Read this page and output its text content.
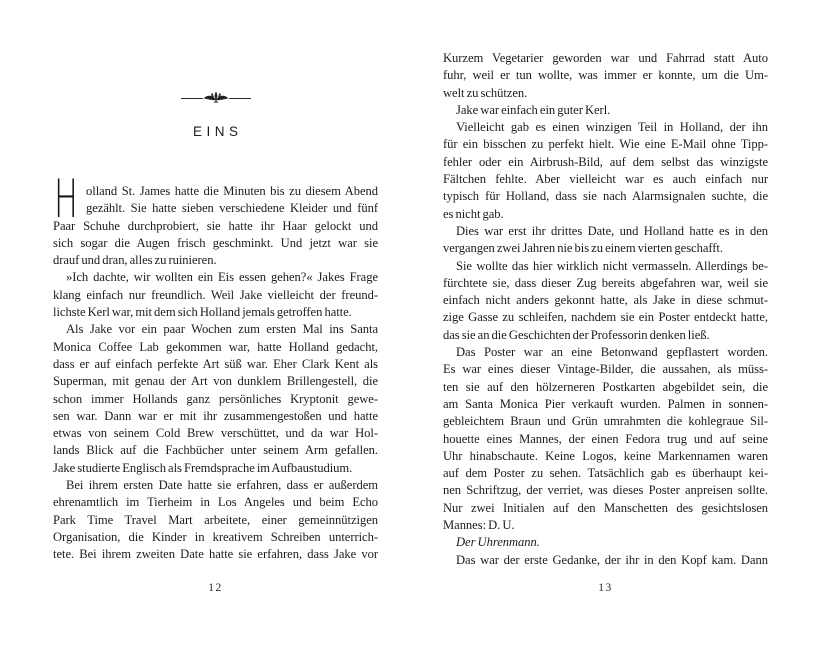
EINS
H olland St. James hatte die Minuten bis zu diesem Abend
gezählt. Sie hatte sieben verschiedene Kleider und fünf
Paar Schuhe durchprobiert, sie hatte ihr Haar gelockt und
sich sogar die Augen frisch geschminkt. Und jetzt war sie
drauf und dran, alles zu ruinieren.
»Ich dachte, wir wollten ein Eis essen gehen?« Jakes Frage
klang einfach nur freundlich. Weil Jake vielleicht der freund-
lichste Kerl war, mit dem sich Holland jemals getroffen hatte.
Als Jake vor ein paar Wochen zum ersten Mal ins Santa
Monica Coffee Lab gekommen war, hatte Holland gedacht,
dass er auf einfach perfekte Art süß war. Eher Clark Kent als
Superman, mit genau der Art von dunklem Brillengestell, die
schon immer Hollands ganz persönliches Kryptonit gewe-
sen war. Dann war er mit ihr zusammengestoßen und hatte
etwas von seinem Cold Brew verschüttet, und da war Hol-
lands Blick auf die Fachbücher unter seinem Arm gefallen.
Jake studierte Englisch als Fremdsprache im Aufbaustudium.
Bei ihrem ersten Date hatte sie erfahren, dass er außerdem
ehrenamtlich im Tierheim in Los Angeles und beim Echo
Park Time Travel Mart arbeitete, einer gemeinnützigen
Organisation, die Kinder in kreativem Schreiben unterrich-
tete. Bei ihrem zweiten Date hatte sie erfahren, dass Jake vor
12
Kurzem Vegetarier geworden war und Fahrrad statt Auto
fuhr, weil er tun wollte, was immer er konnte, um die Um-
welt zu schützen.
Jake war einfach ein guter Kerl.
Vielleicht gab es einen winzigen Teil in Holland, der ihn
für ein bisschen zu perfekt hielt. Wie eine E-Mail ohne Tipp-
fehler oder ein Airbrush-Bild, auf dem selbst das winzigste
Fältchen fehlte. Aber vielleicht war es auch einfach nur
typisch für Holland, dass sie nach Alarmsignalen suchte, die
es nicht gab.
Dies war erst ihr drittes Date, und Holland hatte es in den
vergangen zwei Jahren nie bis zu einem vierten geschafft.
Sie wollte das hier wirklich nicht vermasseln. Allerdings be-
fürchtete sie, dass dieser Zug bereits abgefahren war, weil sie
einfach nicht anders gekonnt hatte, als Jake in diese schmut-
zige Gasse zu schleifen, nachdem sie ein Poster entdeckt hatte,
das sie an die Geschichten der Professorin denken ließ.
Das Poster war an eine Betonwand gepflastert worden.
Es war eines dieser Vintage-Bilder, die aussahen, als müss-
ten sie auf den hölzerneren Postkarten abgebildet sein, die
am Santa Monica Pier verkauft wurden. Palmen in sonnen-
gebleichtem Braun und Grün umrahmten die kohlegraue Sil-
houette eines Mannes, der einen Fedora trug und auf seine
Uhr hinabschaute. Keine Logos, keine Markennamen waren
auf dem Poster zu sehen. Tatsächlich gab es überhaupt kei-
nen Schriftzug, der verriet, was dieses Poster anpreisen sollte.
Nur zwei Initialen auf den Manschetten des gesichtslosen
Mannes: D. U.
Der Uhrenmann.
Das war der erste Gedanke, der ihr in den Kopf kam. Dann
13
